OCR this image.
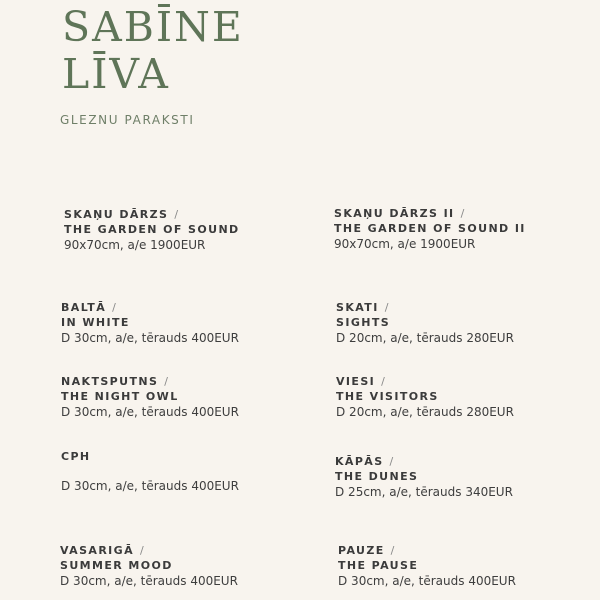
SABĪNE
LĪVA
GLEZNU PARAKSTI
SKAŅU DĀRZS /
THE GARDEN OF SOUND
90x70cm, a/e 1900EUR
SKAŅU DĀRZS II /
THE GARDEN OF SOUND II
90x70cm, a/e 1900EUR
BALTĀ /
IN WHITE
D 30cm, a/e, tērauds 400EUR
SKATI /
SIGHTS
D 20cm, a/e, tērauds 280EUR
NAKTSPUTNS /
THE NIGHT OWL
D 30cm, a/e, tērauds 400EUR
VIESI /
THE VISITORS
D 20cm, a/e, tērauds 280EUR
CPH
D 30cm, a/e, tērauds 400EUR
KĀPĀS /
THE DUNES
D 25cm, a/e, tērauds 340EUR
VASARIGĀ /
SUMMER MOOD
D 30cm, a/e, tērauds 400EUR
PAUZE /
THE PAUSE
D 30cm, a/e, tērauds 400EUR
